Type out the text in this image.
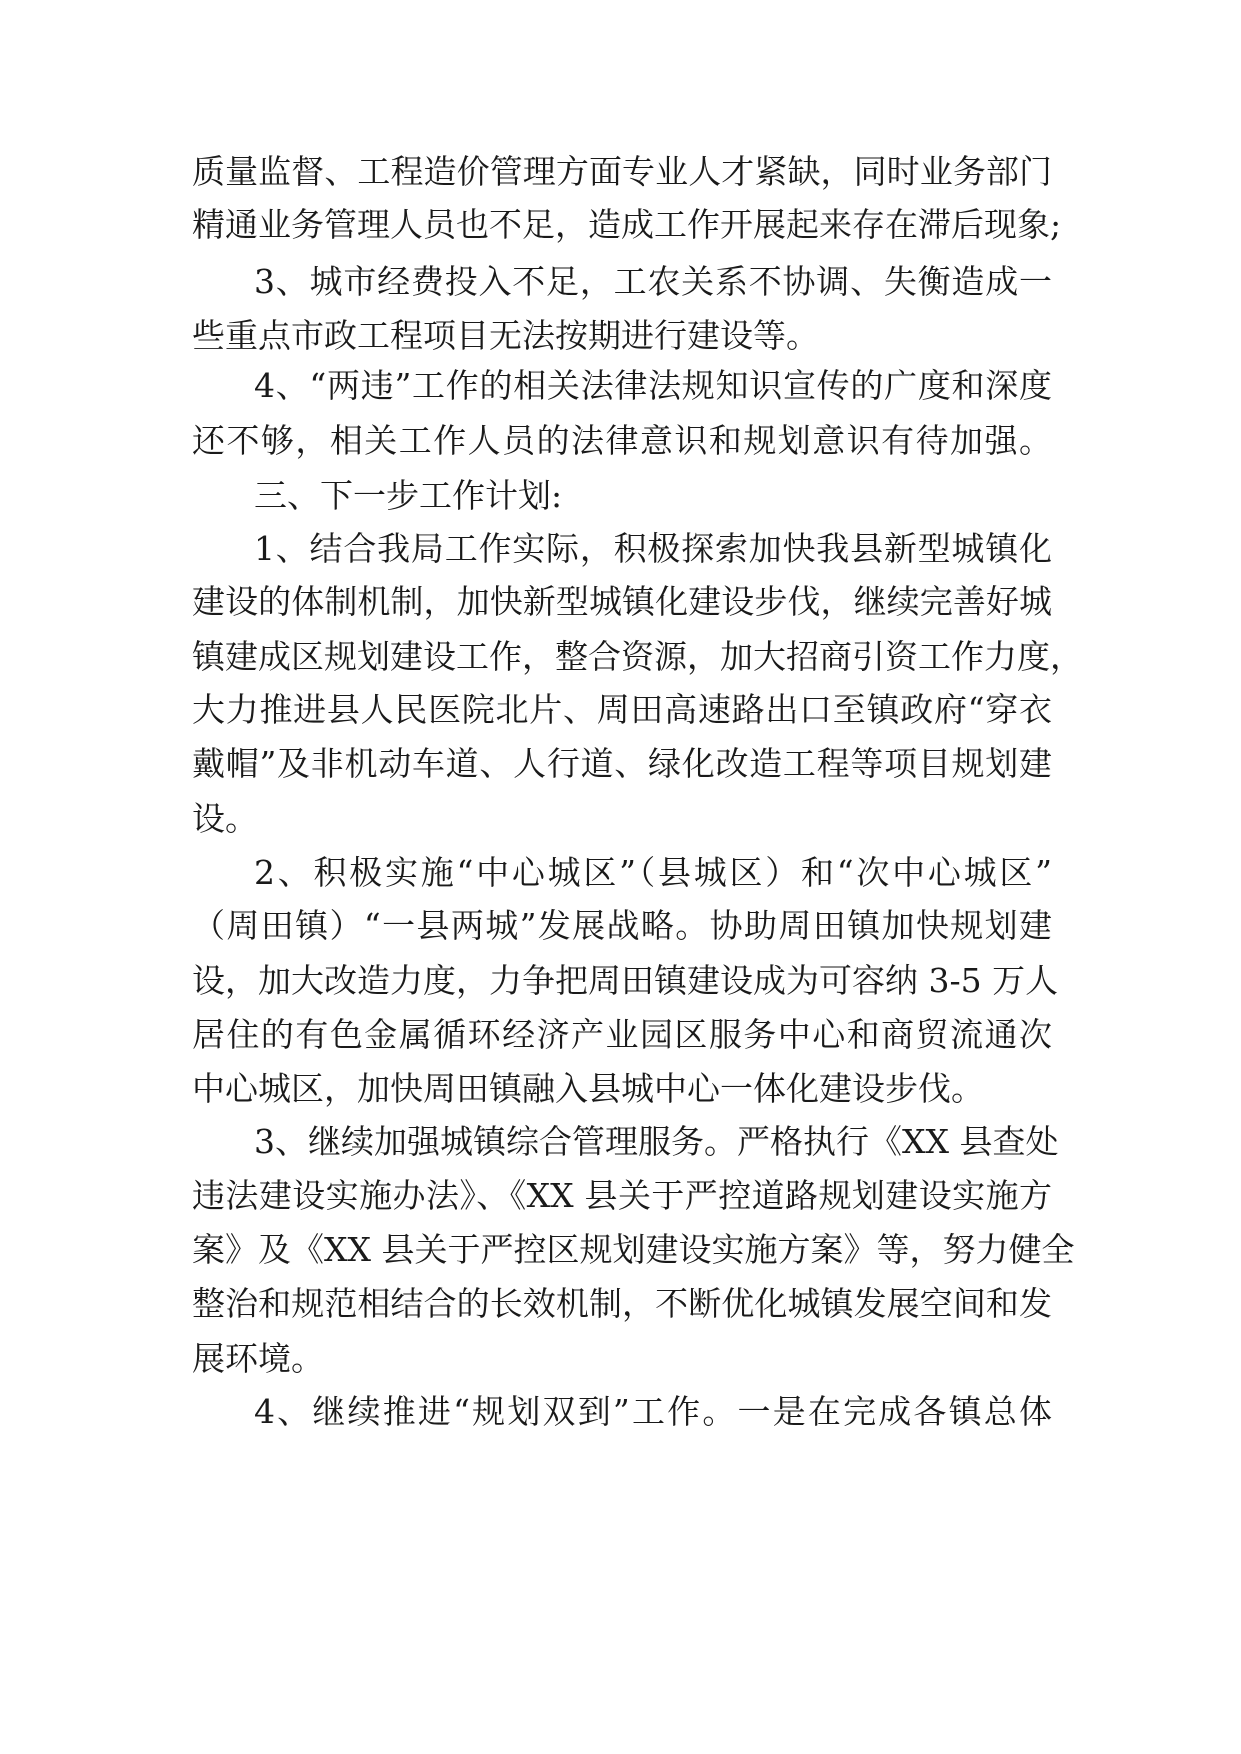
质量监督、工程造价管理方面专业人才紧缺，同时业务部门
精通业务管理人员也不足，造成工作开展起来存在滞后现象;
3、城市经费投入不足，工农关系不协调、失衡造成一
些重点市政工程项目无法按期进行建设等。
4、“两违”工作的相关法律法规知识宣传的广度和深度
还不够，相关工作人员的法律意识和规划意识有待加强。
三、下一步工作计划:
1、结合我局工作实际，积极探索加快我县新型城镇化
建设的体制机制，加快新型城镇化建设步伐，继续完善好城
镇建成区规划建设工作，整合资源，加大招商引资工作力度，
大力推进县人民医院北片、周田高速路出口至镇政府“穿衣
戴帽”及非机动车道、人行道、绿化改造工程等项目规划建
设。
2、积极实施“中心城区”（县城区）和“次中心城区”
（周田镇）“一县两城”发展战略。协助周田镇加快规划建
设，加大改造力度，力争把周田镇建设成为可容纳 3-5 万人
居住的有色金属循环经济产业园区服务中心和商贸流通次
中心城区，加快周田镇融入县城中心一体化建设步伐。
3、继续加强城镇综合管理服务。严格执行《XX 县查处
违法建设实施办法》、《XX 县关于严控道路规划建设实施方
案》及《XX 县关于严控区规划建设实施方案》等，努力健全
整治和规范相结合的长效机制，不断优化城镇发展空间和发
展环境。
4、继续推进“规划双到”工作。一是在完成各镇总体
